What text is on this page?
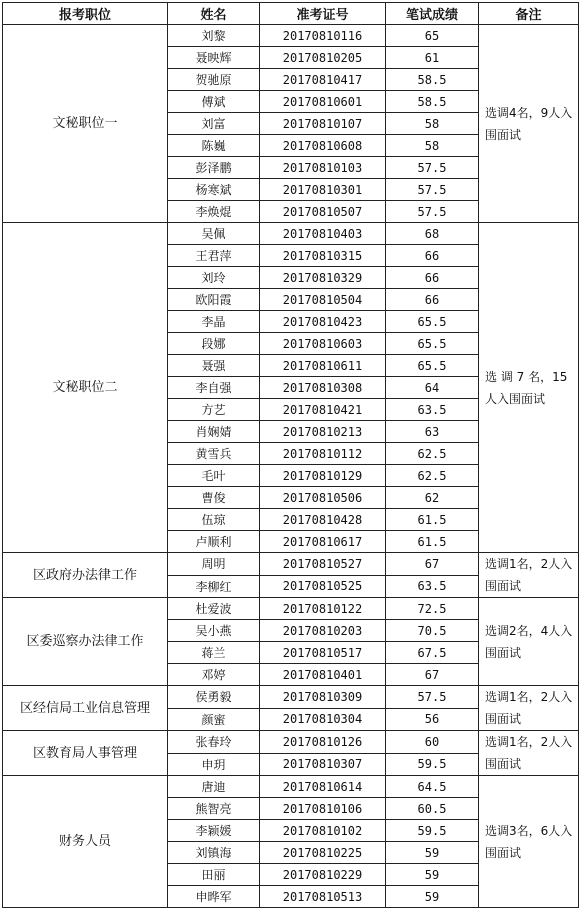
报考职位	姓名	准考证号	笔试成绩	备注
文秘职位一	刘黎	20170810116	65	选调4名，9人入围面试
	聂映辉	20170810205	61	
	贺驰原	20170810417	58.5	
	傅斌	20170810601	58.5	
	刘富	20170810107	58	
	陈巍	20170810608	58	
	彭泽鹏	20170810103	57.5	
	杨寒斌	20170810301	57.5	
	李焕焜	20170810507	57.5	
文秘职位二	吴佩	20170810403	68	选 调 7 名，15人入围面试
	王君萍	20170810315	66	
	刘玲	20170810329	66	
	欧阳霞	20170810504	66	
	李晶	20170810423	65.5	
	段娜	20170810603	65.5	
	聂强	20170810611	65.5	
	李自强	20170810308	64	
	方艺	20170810421	63.5	
	肖娴婧	20170810213	63	
	黄雪兵	20170810112	62.5	
	毛叶	20170810129	62.5	
	曹俊	20170810506	62	
	伍琼	20170810428	61.5	
	卢顺利	20170810617	61.5	
区政府办法律工作	周明	20170810527	67	选调1名，2人入围面试
	李柳红	20170810525	63.5	
区委巡察办法律工作	杜爱波	20170810122	72.5	选调2名，4人入围面试
	吴小燕	20170810203	70.5	
	蒋兰	20170810517	67.5	
	邓婷	20170810401	67	
区经信局工业信息管理	侯勇毅	20170810309	57.5	选调1名，2人入围面试
	颜蜜	20170810304	56	
区教育局人事管理	张春玲	20170810126	60	选调1名，2人入围面试
	申玥	20170810307	59.5	
财务人员	唐迪	20170810614	64.5	选调3名，6人入围面试
	熊智亮	20170810106	60.5	
	李颖媛	20170810102	59.5	
	刘镇海	20170810225	59	
	田丽	20170810229	59	
	申晔军	20170810513	59	
